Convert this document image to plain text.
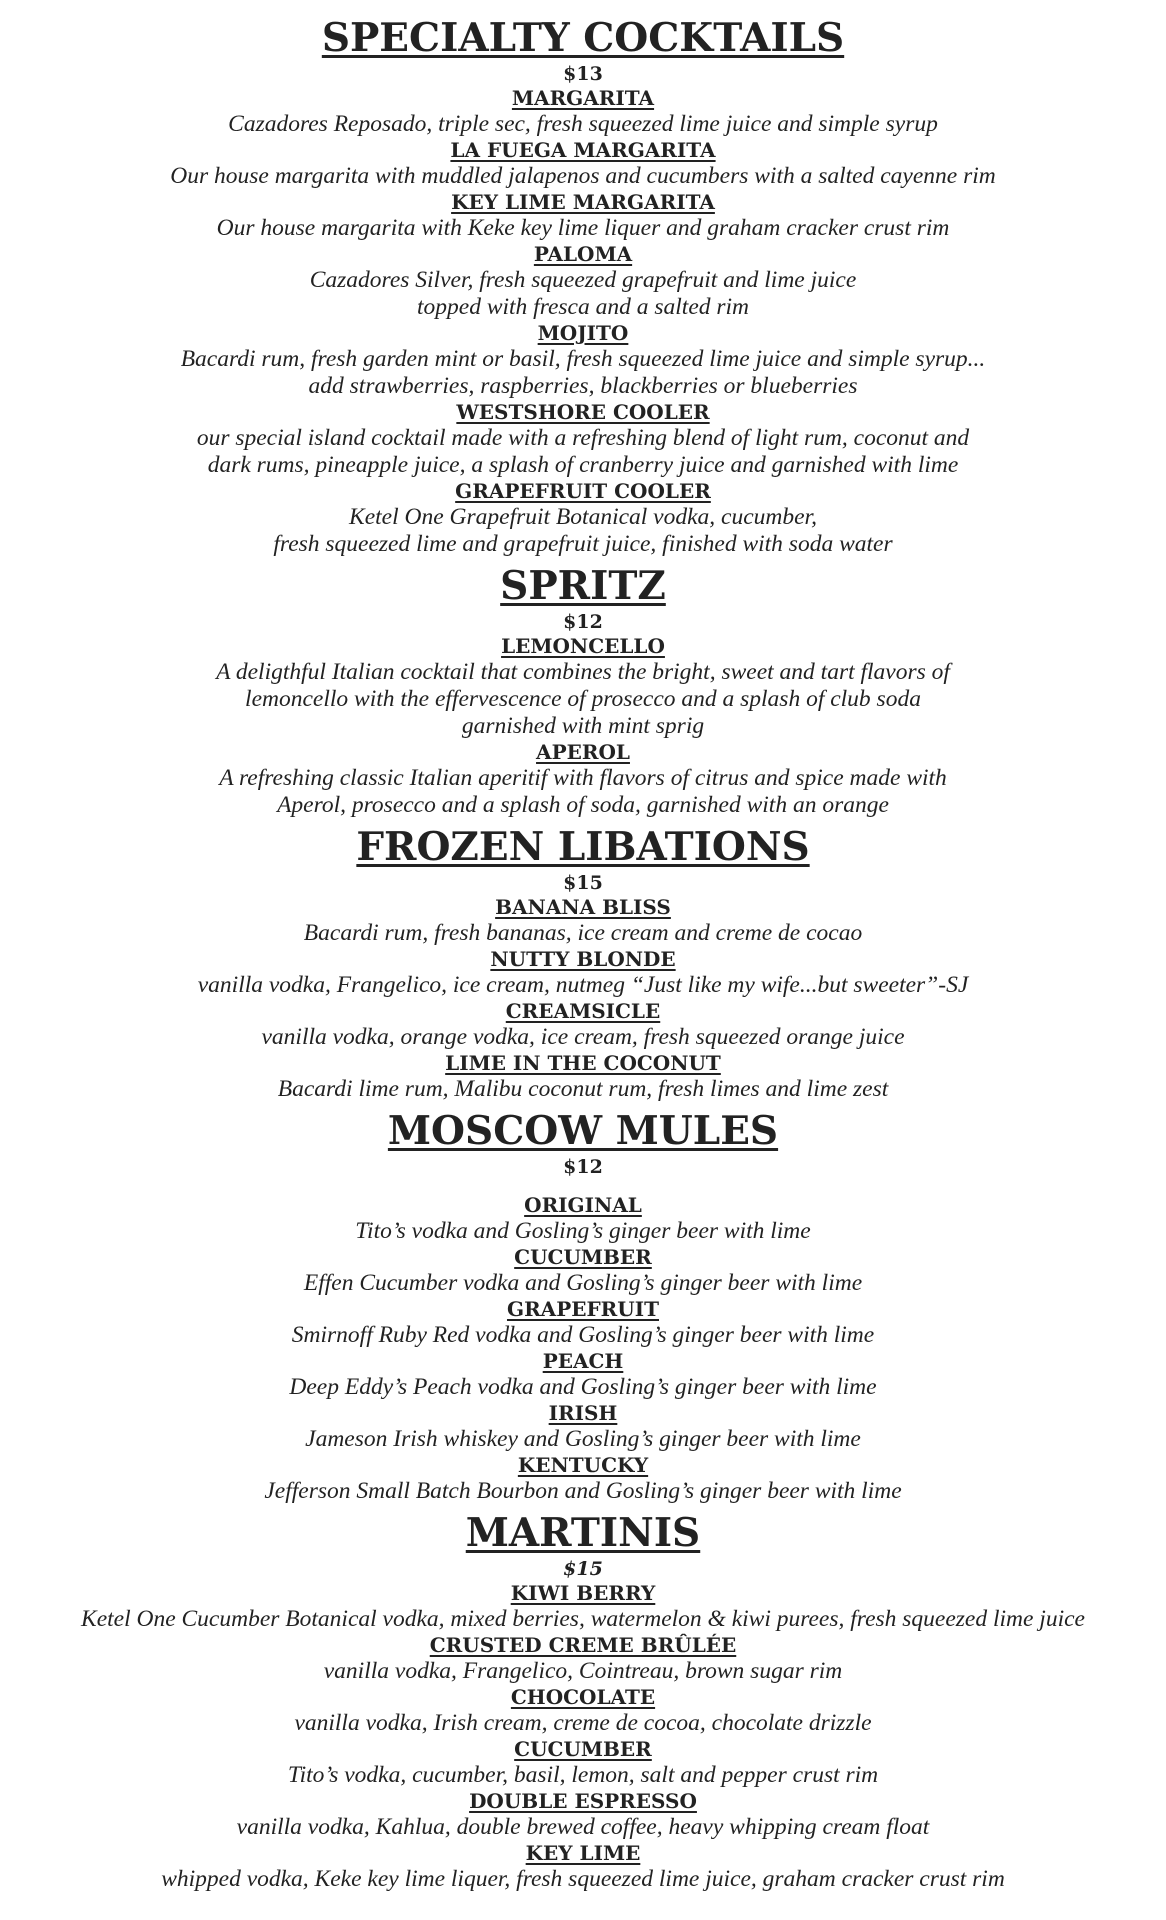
SPECIALTY COCKTAILS
$13
MARGARITA
Cazadores Reposado, triple sec, fresh squeezed lime juice and simple syrup
LA FUEGA MARGARITA
Our house margarita with muddled jalapenos and cucumbers with a salted cayenne rim
KEY LIME MARGARITA
Our house margarita with Keke key lime liquer and graham cracker crust rim
PALOMA
Cazadores Silver, fresh squeezed grapefruit and lime juice
topped with fresca and a salted rim
MOJITO
Bacardi rum, fresh garden mint or basil, fresh squeezed lime juice and simple syrup...
add strawberries, raspberries, blackberries or blueberries
WESTSHORE COOLER
our special island cocktail made with a refreshing blend of light rum, coconut and
dark rums, pineapple juice, a splash of cranberry juice and garnished with lime
GRAPEFRUIT COOLER
Ketel One Grapefruit Botanical vodka, cucumber,
fresh squeezed lime and grapefruit juice, finished with soda water
SPRITZ
$12
LEMONCELLO
A deligthful Italian cocktail that combines the bright, sweet and tart flavors of
lemoncello with the effervescence of prosecco and a splash of club soda
garnished with mint sprig
APEROL
A refreshing classic Italian aperitif with flavors of citrus and spice made with
Aperol, prosecco and a splash of soda, garnished with an orange
FROZEN LIBATIONS
$15
BANANA BLISS
Bacardi rum, fresh bananas, ice cream and creme de cocao
NUTTY BLONDE
vanilla vodka, Frangelico, ice cream, nutmeg “Just like my wife...but sweeter”-SJ
CREAMSICLE
vanilla vodka, orange vodka, ice cream, fresh squeezed orange juice
LIME IN THE COCONUT
Bacardi lime rum, Malibu coconut rum, fresh limes and lime zest
MOSCOW MULES
$12
ORIGINAL
Tito’s vodka and Gosling’s ginger beer with lime
CUCUMBER
Effen Cucumber vodka and Gosling’s ginger beer with lime
GRAPEFRUIT
Smirnoff Ruby Red vodka and Gosling’s ginger beer with lime
PEACH
Deep Eddy’s Peach vodka and Gosling’s ginger beer with lime
IRISH
Jameson Irish whiskey and Gosling’s ginger beer with lime
KENTUCKY
Jefferson Small Batch Bourbon and Gosling’s ginger beer with lime
MARTINIS
$15
KIWI BERRY
Ketel One Cucumber Botanical vodka, mixed berries, watermelon & kiwi purees, fresh squeezed lime juice
CRUSTED CREME BRÛLÉE
vanilla vodka, Frangelico, Cointreau, brown sugar rim
CHOCOLATE
vanilla vodka, Irish cream, creme de cocoa, chocolate drizzle
CUCUMBER
Tito’s vodka, cucumber, basil, lemon, salt and pepper crust rim
DOUBLE ESPRESSO
vanilla vodka, Kahlua, double brewed coffee, heavy whipping cream float
KEY LIME
whipped vodka, Keke key lime liquer, fresh squeezed lime juice, graham cracker crust rim
